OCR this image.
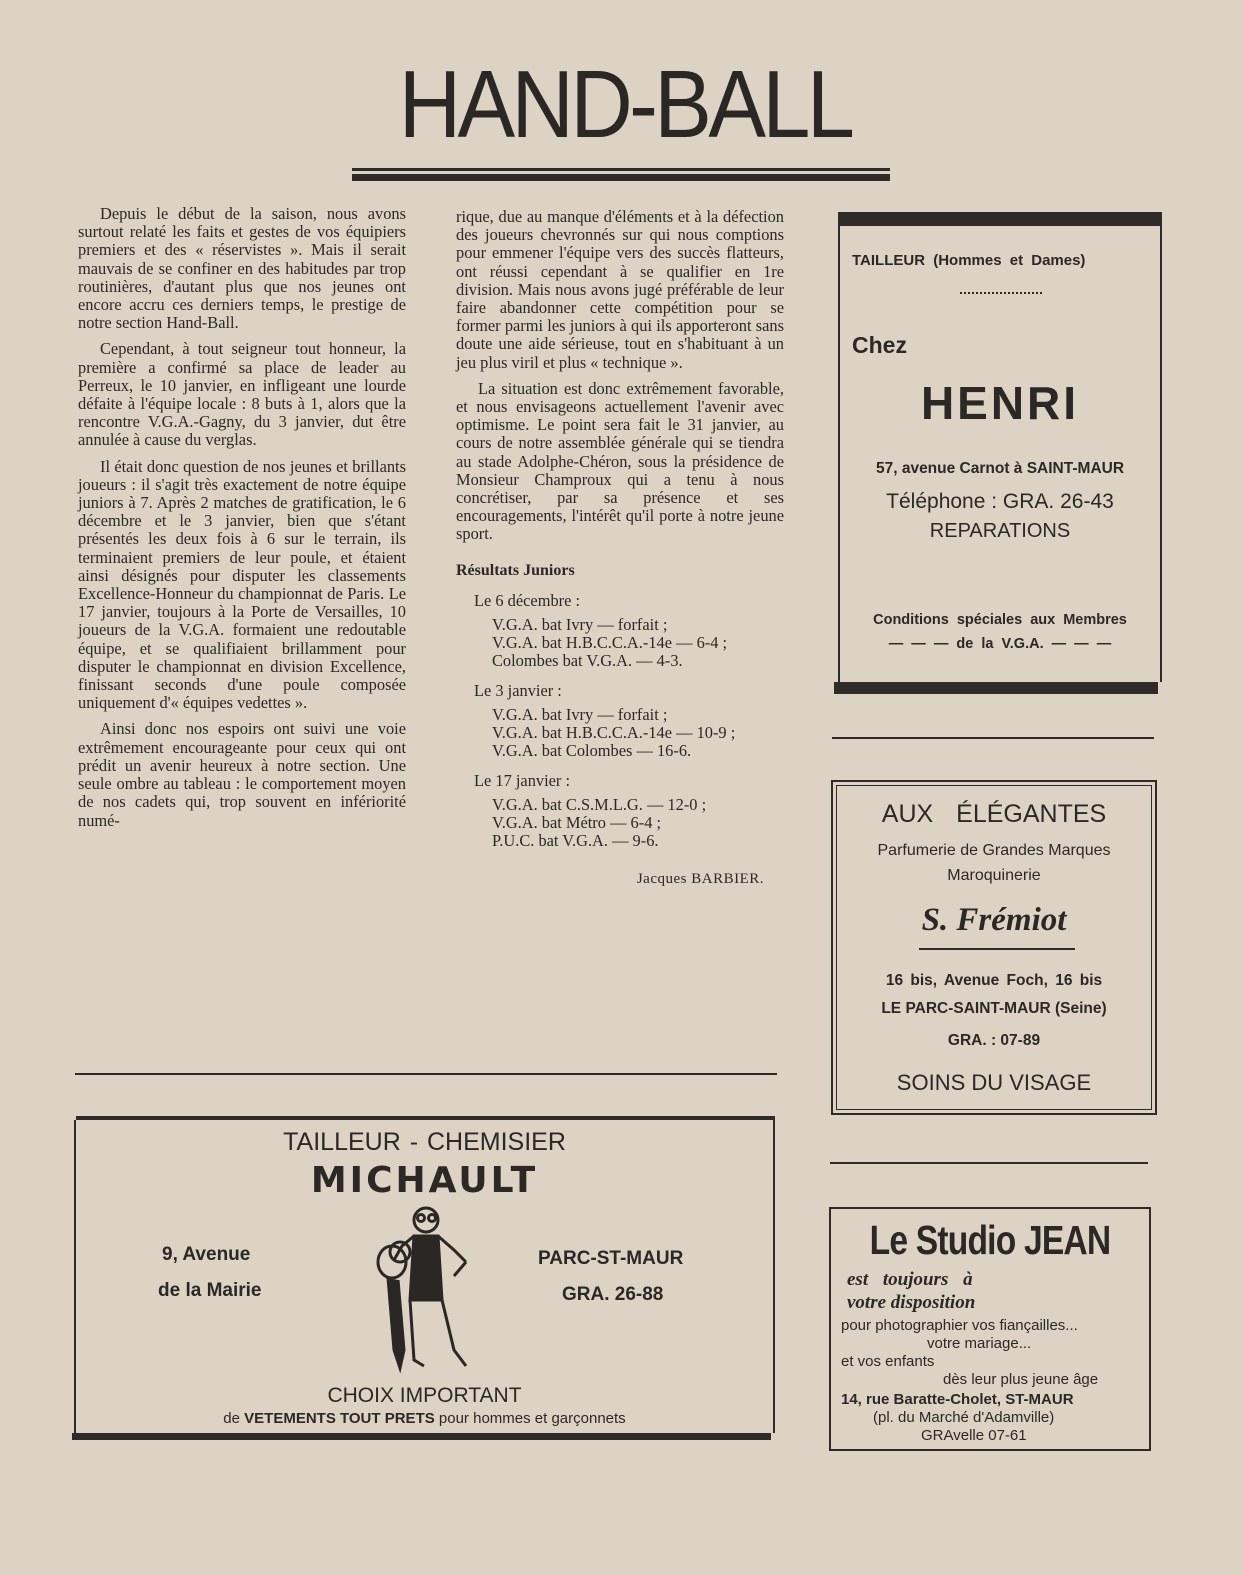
HAND-BALL

Depuis le début de la saison, nous avons surtout relaté les faits et gestes de vos équipiers premiers et des « réservistes ». Mais il serait mauvais de se confiner en des habitudes par trop routinières, d'autant plus que nos jeunes ont encore accru ces derniers temps, le prestige de notre section Hand-Ball.

Cependant, à tout seigneur tout honneur, la première a confirmé sa place de leader au Perreux, le 10 janvier, en infligeant une lourde défaite à l'équipe locale : 8 buts à 1, alors que la rencontre V.G.A.-Gagny, du 3 janvier, dut être annulée à cause du verglas.

Il était donc question de nos jeunes et brillants joueurs : il s'agit très exactement de notre équipe juniors à 7. Après 2 matches de gratification, le 6 décembre et le 3 janvier, bien que s'étant présentés les deux fois à 6 sur le terrain, ils terminaient premiers de leur poule, et étaient ainsi désignés pour disputer les classements Excellence-Honneur du championnat de Paris. Le 17 janvier, toujours à la Porte de Versailles, 10 joueurs de la V.G.A. formaient une redoutable équipe, et se qualifiaient brillamment pour disputer le championnat en division Excellence, finissant seconds d'une poule composée uniquement d'« équipes vedettes ».

Ainsi donc nos espoirs ont suivi une voie extrêmement encourageante pour ceux qui ont prédit un avenir heureux à notre section. Une seule ombre au tableau : le comportement moyen de nos cadets qui, trop souvent en infériorité numé-

rique, due au manque d'éléments et à la défection des joueurs chevronnés sur qui nous comptions pour emmener l'équipe vers des succès flatteurs, ont réussi cependant à se qualifier en 1re division. Mais nous avons jugé préférable de leur faire abandonner cette compétition pour se former parmi les juniors à qui ils apporteront sans doute une aide sérieuse, tout en s'habituant à un jeu plus viril et plus « technique ».

La situation est donc extrêmement favorable, et nous envisageons actuellement l'avenir avec optimisme. Le point sera fait le 31 janvier, au cours de notre assemblée générale qui se tiendra au stade Adolphe-Chéron, sous la présidence de Monsieur Champroux qui a tenu à nous concrétiser, par sa présence et ses encouragements, l'intérêt qu'il porte à notre jeune sport.

Résultats Juniors

Le 6 décembre :
V.G.A. bat Ivry — forfait ;
V.G.A. bat H.B.C.C.A.-14e — 6-4 ;
Colombes bat V.G.A. — 4-3.
Le 3 janvier :
V.G.A. bat Ivry — forfait ;
V.G.A. bat H.B.C.C.A.-14e — 10-9 ;
V.G.A. bat Colombes — 16-6.
Le 17 janvier :
V.G.A. bat C.S.M.L.G. — 12-0 ;
V.G.A. bat Métro — 6-4 ;
P.U.C. bat V.G.A. — 9-6.
Jacques BARBIER.
TAILLEUR (Hommes et Dames)
Chez
HENRI
57, avenue Carnot à SAINT-MAUR
Téléphone : GRA. 26-43
REPARATIONS
Conditions spéciales aux Membres
— — — de la V.G.A. — — —
AUX ÉLÉGANTES
Parfumerie de Grandes Marques
Maroquinerie
S. Frémiot
16 bis, Avenue Foch, 16 bis
LE PARC-SAINT-MAUR (Seine)
GRA. : 07-89
SOINS DU VISAGE
Le Studio JEAN
est toujours à
votre disposition
pour photographier vos fiançailles...
votre mariage...
et vos enfants
dès leur plus jeune âge
14, rue Baratte-Cholet, ST-MAUR
(pl. du Marché d'Adamville)
GRAvelle 07-61
TAILLEUR - CHEMISIER
MICHAULT
9, Avenue
de la Mairie
PARC-ST-MAUR
GRA. 26-88
CHOIX IMPORTANT
de VETEMENTS TOUT PRETS pour hommes et garçonnets
